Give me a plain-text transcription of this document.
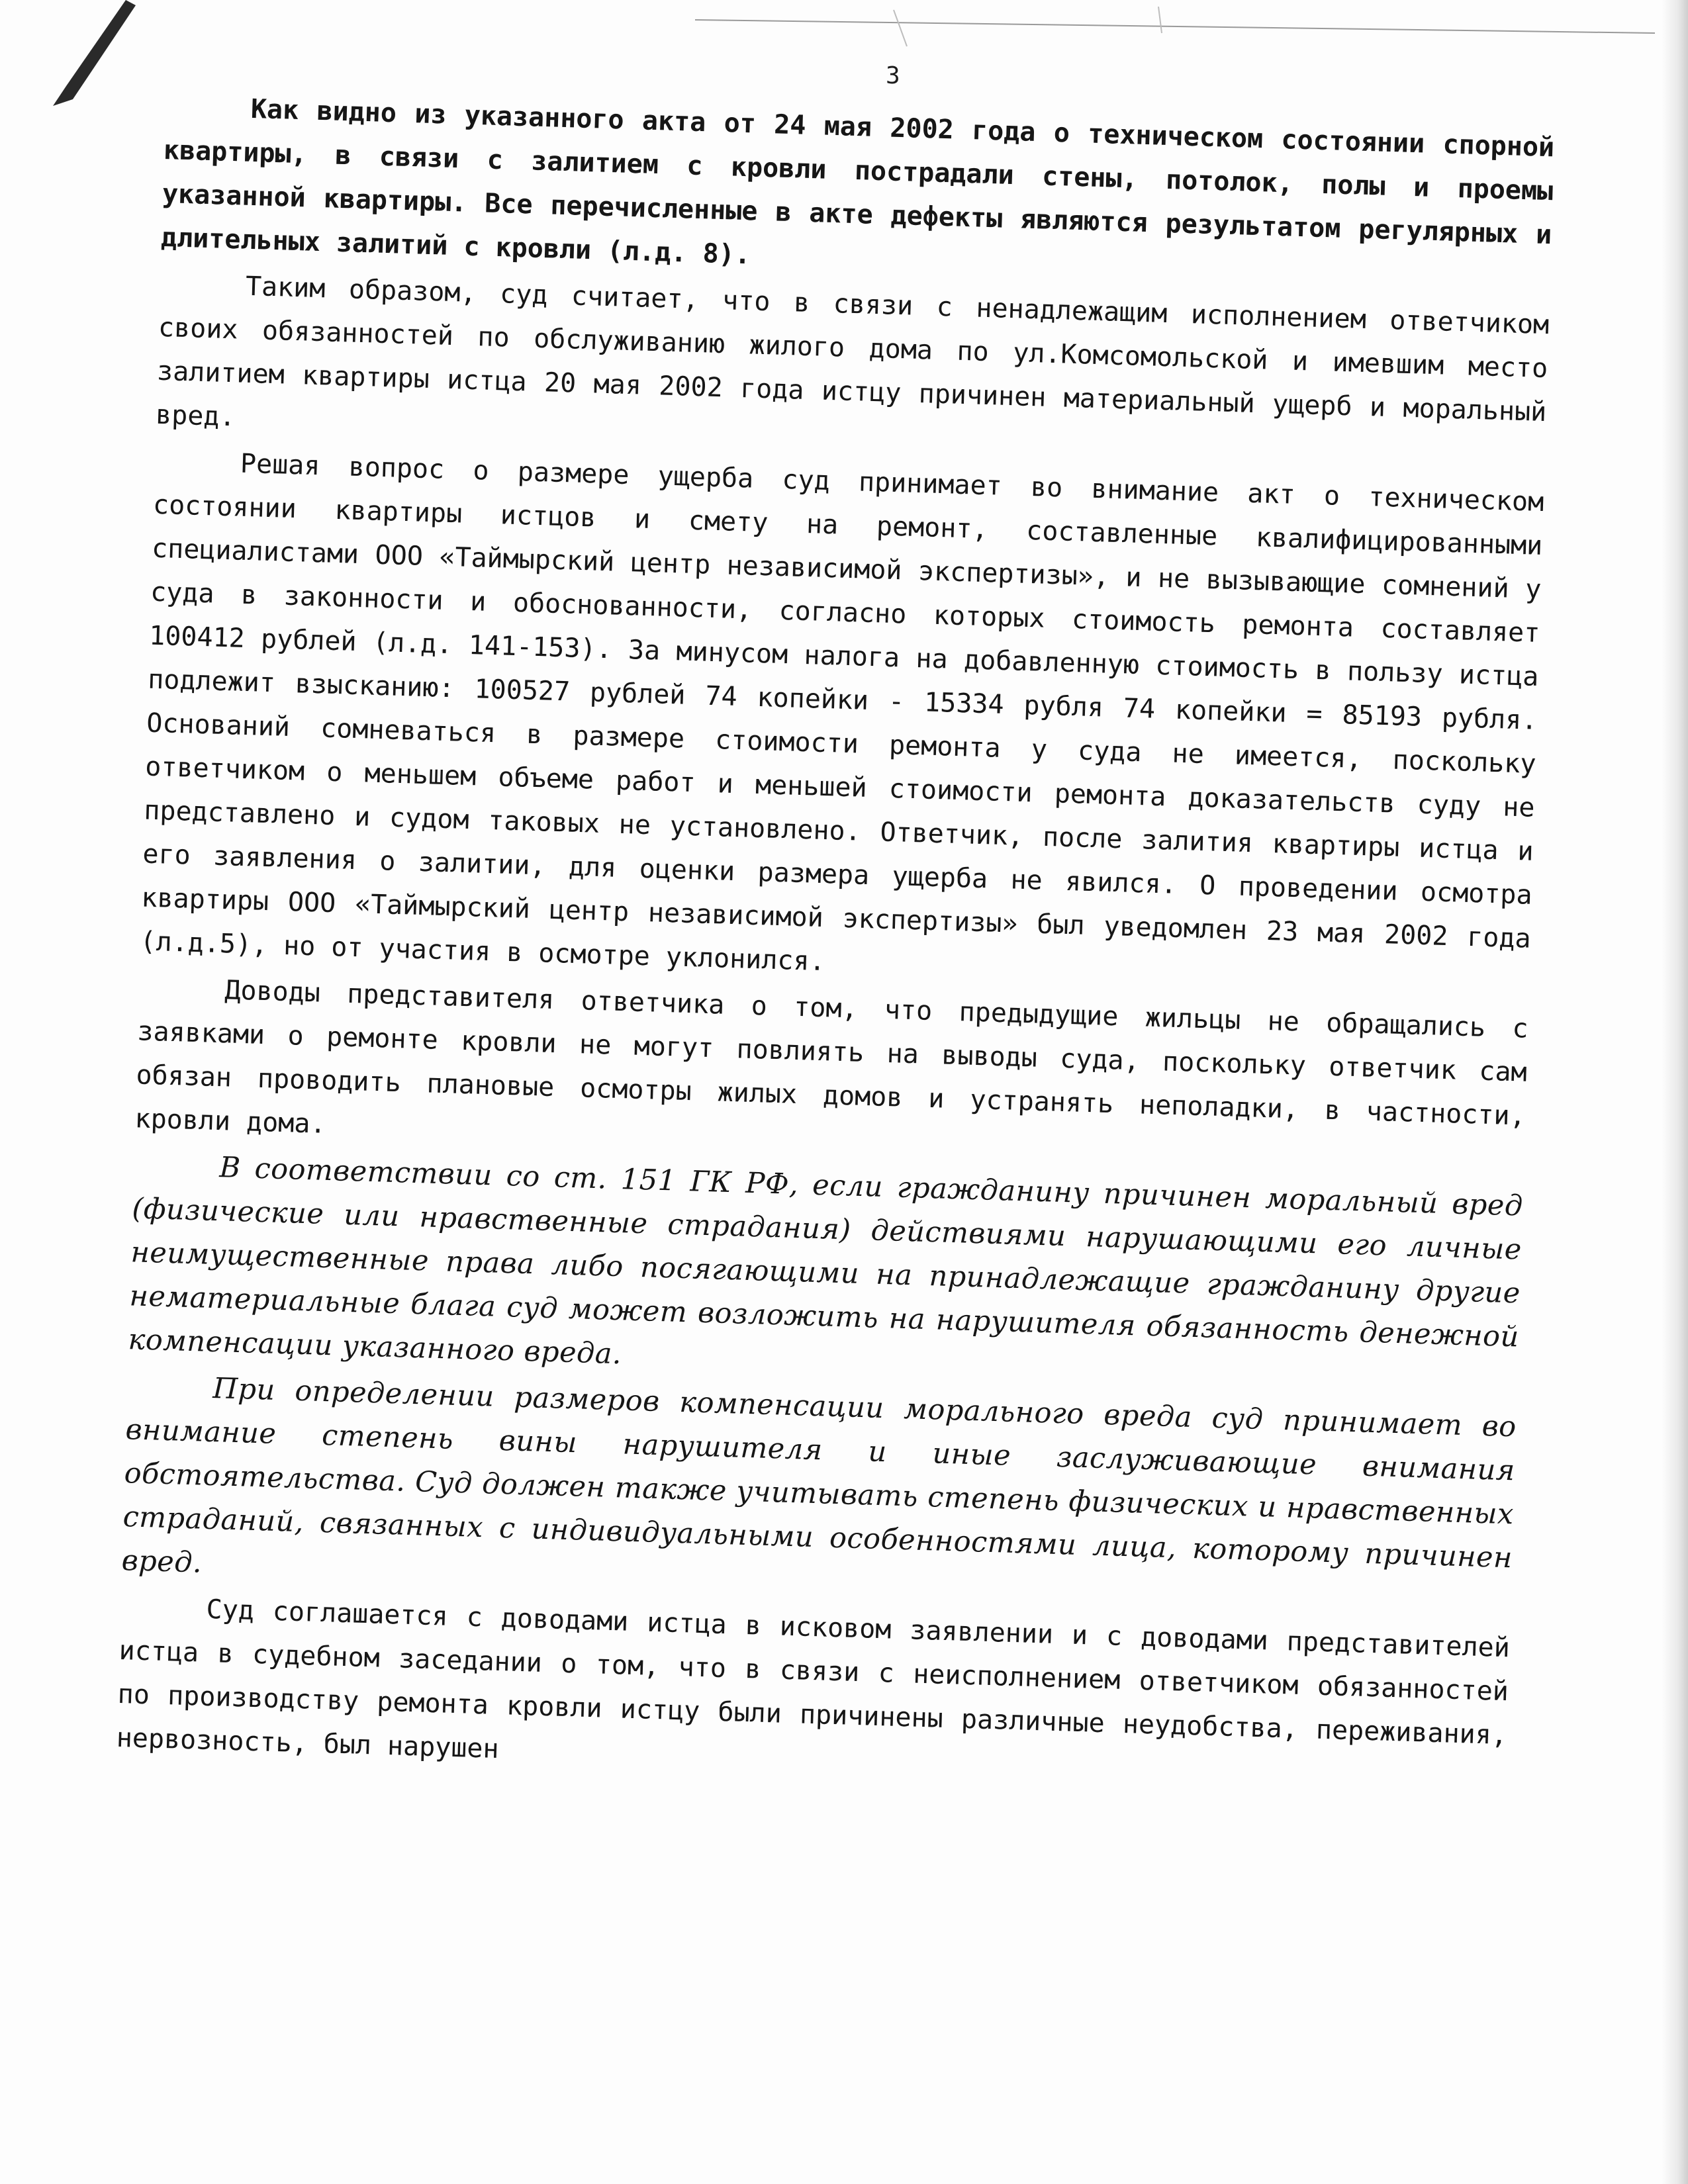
3

Как видно из указанного акта от 24 мая 2002 года о техническом состоянии спорной квартиры, в связи с залитием с кровли пострадали стены, потолок, полы и проемы указанной квартиры. Все перечисленные в акте дефекты являются результатом регулярных и длительных залитий с кровли (л.д. 8).

Таким образом, суд считает, что в связи с ненадлежащим исполнением ответчиком своих обязанностей по обслуживанию жилого дома по ул.Комсомольской и имевшим место залитием квартиры истца 20 мая 2002 года истцу причинен материальный ущерб и моральный вред.

Решая вопрос о размере ущерба суд принимает во внимание акт о техническом состоянии квартиры истцов и смету на ремонт, составленные квалифицированными специалистами ООО «Таймырский центр независимой экспертизы», и не вызывающие сомнений у суда в законности и обоснованности, согласно которых стоимость ремонта составляет 100412 рублей (л.д. 141-153). За минусом налога на добавленную стоимость в пользу истца подлежит взысканию: 100527 рублей 74 копейки - 15334 рубля 74 копейки = 85193 рубля. Оснований сомневаться в размере стоимости ремонта у суда не имеется, поскольку ответчиком о меньшем объеме работ и меньшей стоимости ремонта доказательств суду не представлено и судом таковых не установлено. Ответчик, после залития квартиры истца и его заявления о залитии, для оценки размера ущерба не явился. О проведении осмотра квартиры ООО «Таймырский центр независимой экспертизы» был уведомлен 23 мая 2002 года (л.д.5), но от участия в осмотре уклонился.

Доводы представителя ответчика о том, что предыдущие жильцы не обращались с заявками о ремонте кровли не могут повлиять на выводы суда, поскольку ответчик сам обязан проводить плановые осмотры жилых домов и устранять неполадки, в частности, кровли дома.

В соответствии со ст. 151 ГК РФ, если гражданину причинен моральный вред (физические или нравственные страдания) действиями нарушающими его личные неимущественные права либо посягающими на принадлежащие гражданину другие нематериальные блага суд может возложить на нарушителя обязанность денежной компенсации указанного вреда.

При определении размеров компенсации морального вреда суд принимает во внимание степень вины нарушителя и иные заслуживающие внимания обстоятельства. Суд должен также учитывать степень физических и нравственных страданий, связанных с индивидуальными особенностями лица, которому причинен вред.

Суд соглашается с доводами истца в исковом заявлении и с доводами представителей истца в судебном заседании о том, что в связи с неисполнением ответчиком обязанностей по производству ремонта кровли истцу были причинены различные неудобства, переживания, нервозность, был нарушен
